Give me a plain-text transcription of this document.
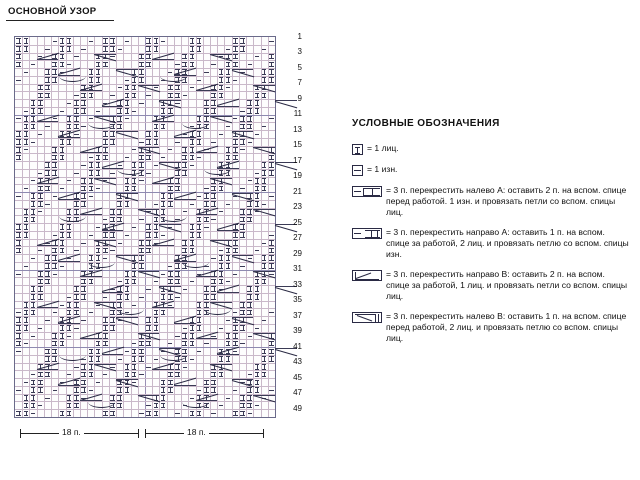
ОСНОВНОЙ УЗОР
49
47
45
43
41
39
37
35
33
31
29
27
25
23
21
19
17
15
13
11
9
7
5
3
1
18 п.	18 п.
УСЛОВНЫЕ ОБОЗНАЧЕНИЯ
= 1 лиц.
= 1 изн.
= 3 п. перекрестить налево А: оставить 2 п. на вспом. спице перед работой. 1 изн. и провязать петли со вспом. спицы лиц.
= 3 п. перекрестить направо А: оставить 1 п. на вспом. спице за работой, 2 лиц. и провязать петлю со вспом. спицы изн.
= 3 п. перекрестить направо В: оставить 2 п. на вспом. спице за работой, 1 лиц. и провязать петли со вспом. спицы лиц.
= 3 п. перекрестить налево В: оставить 1 п. на вспом. спице перед работой, 2 лиц. и провязать петлю со вспом. спицы лиц.
